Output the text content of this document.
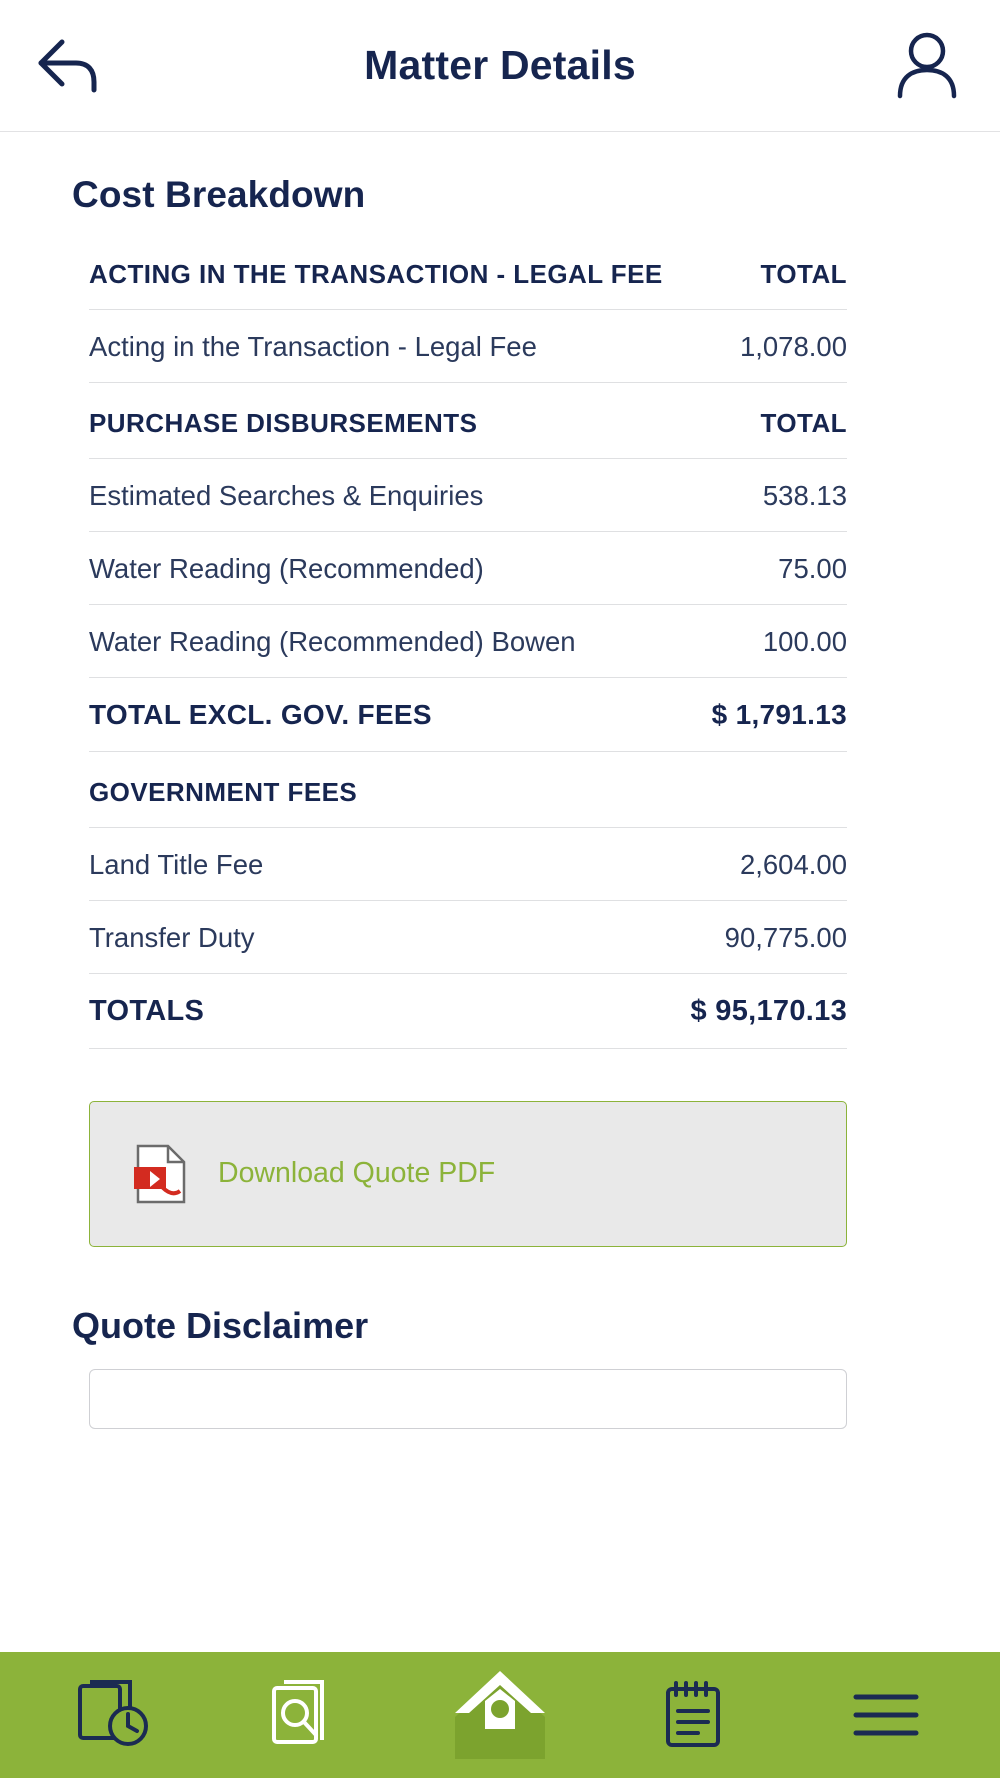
Matter Details
Cost Breakdown
ACTING IN THE TRANSACTION - LEGAL FEE	TOTAL
Acting in the Transaction - Legal Fee	1,078.00
PURCHASE DISBURSEMENTS	TOTAL
Estimated Searches & Enquiries	538.13
Water Reading (Recommended)	75.00
Water Reading (Recommended) Bowen	100.00
TOTAL EXCL. GOV. FEES	$ 1,791.13
GOVERNMENT FEES	
Land Title Fee	2,604.00
Transfer Duty	90,775.00
TOTALS	$ 95,170.13
Download Quote PDF
Quote Disclaimer
